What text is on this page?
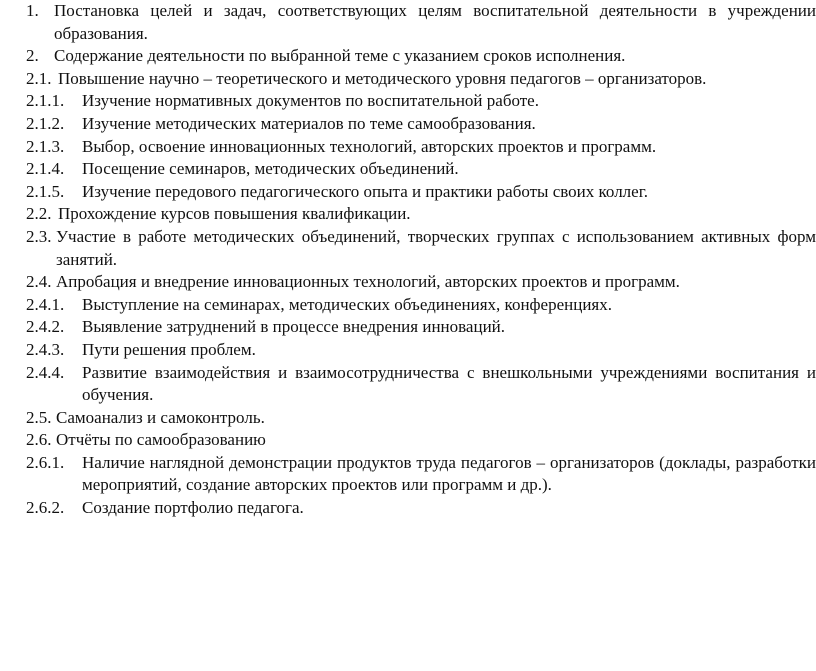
1. Постановка целей и задач, соответствующих целям воспитательной деятельности в учреждении образования.
2. Содержание деятельности по выбранной теме с указанием сроков исполнения.
2.1. Повышение научно – теоретического и методического уровня педагогов – организаторов.
2.1.1.	Изучение нормативных документов по воспитательной работе.
2.1.2.	Изучение методических материалов по теме самообразования.
2.1.3.	Выбор, освоение инновационных технологий, авторских проектов и программ.
2.1.4.	Посещение семинаров, методических объединений.
2.1.5.	Изучение передового педагогического опыта и практики работы своих коллег.
2.2. Прохождение курсов повышения квалификации.
2.3. Участие в работе методических объединений, творческих группах с использованием активных форм занятий.
2.4. Апробация и внедрение инновационных технологий, авторских проектов и программ.
2.4.1.	Выступление на семинарах, методических объединениях, конференциях.
2.4.2.	Выявление затруднений в процессе внедрения инноваций.
2.4.3.	Пути решения проблем.
2.4.4.	Развитие взаимодействия и взаимосотрудничества с внешкольными учреждениями воспитания и обучения.
2.5. Самоанализ и самоконтроль.
2.6. Отчёты по самообразованию
2.6.1.	Наличие наглядной демонстрации продуктов труда педагогов – организаторов (доклады, разработки мероприятий, создание авторских проектов или программ и др.).
2.6.2.	Создание портфолио педагога.
